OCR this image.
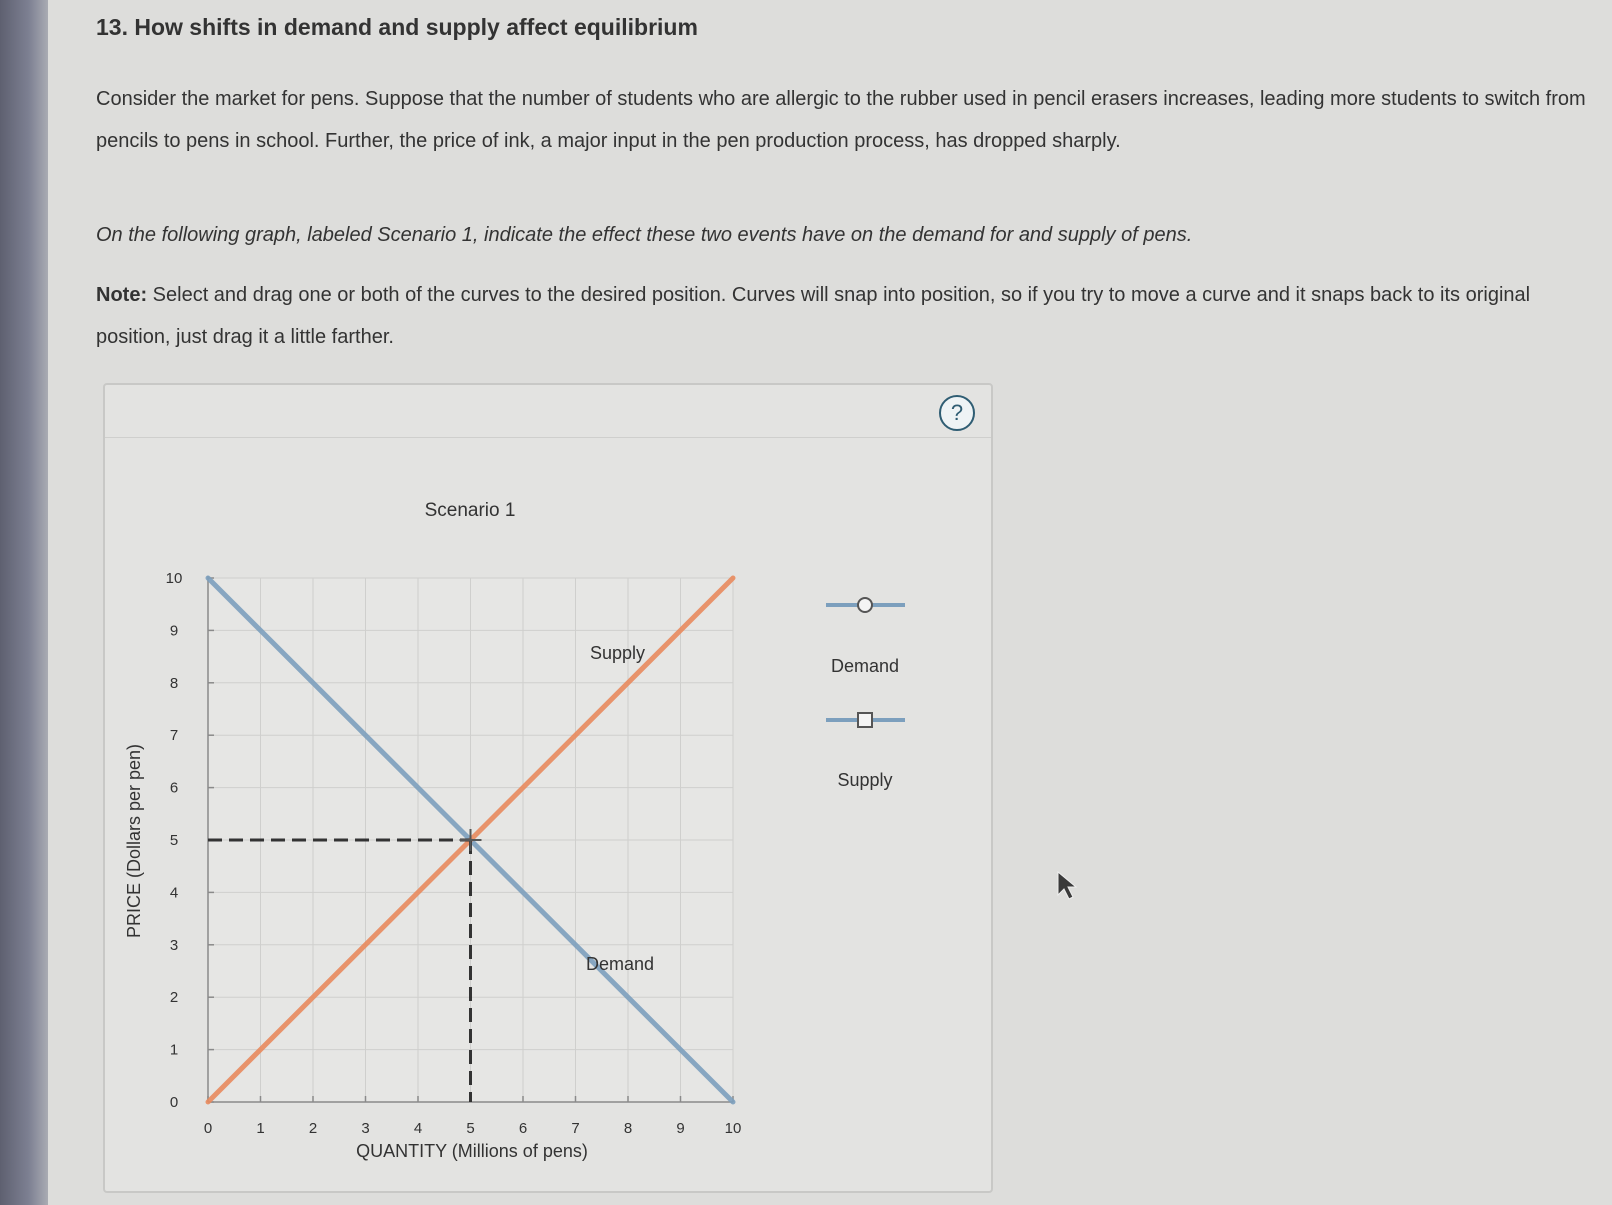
13. How shifts in demand and supply affect equilibrium

Consider the market for pens. Suppose that the number of students who are allergic to the rubber used in pencil erasers increases, leading more students to switch from pencils to pens in school. Further, the price of ink, a major input in the pen production process, has dropped sharply.

On the following graph, labeled Scenario 1, indicate the effect these two events have on the demand for and supply of pens.

Note: Select and drag one or both of the curves to the desired position. Curves will snap into position, so if you try to move a curve and it snaps back to its original position, just drag it a little farther.

?
0	1	2	3	4	5	6	7	8	9	10
0
1
2
3
4
5
6
7
8
9
10
Scenario 1
QUANTITY (Millions of pens)
PRICE (Dollars per pen)
Demand
Supply
Demand
Supply
